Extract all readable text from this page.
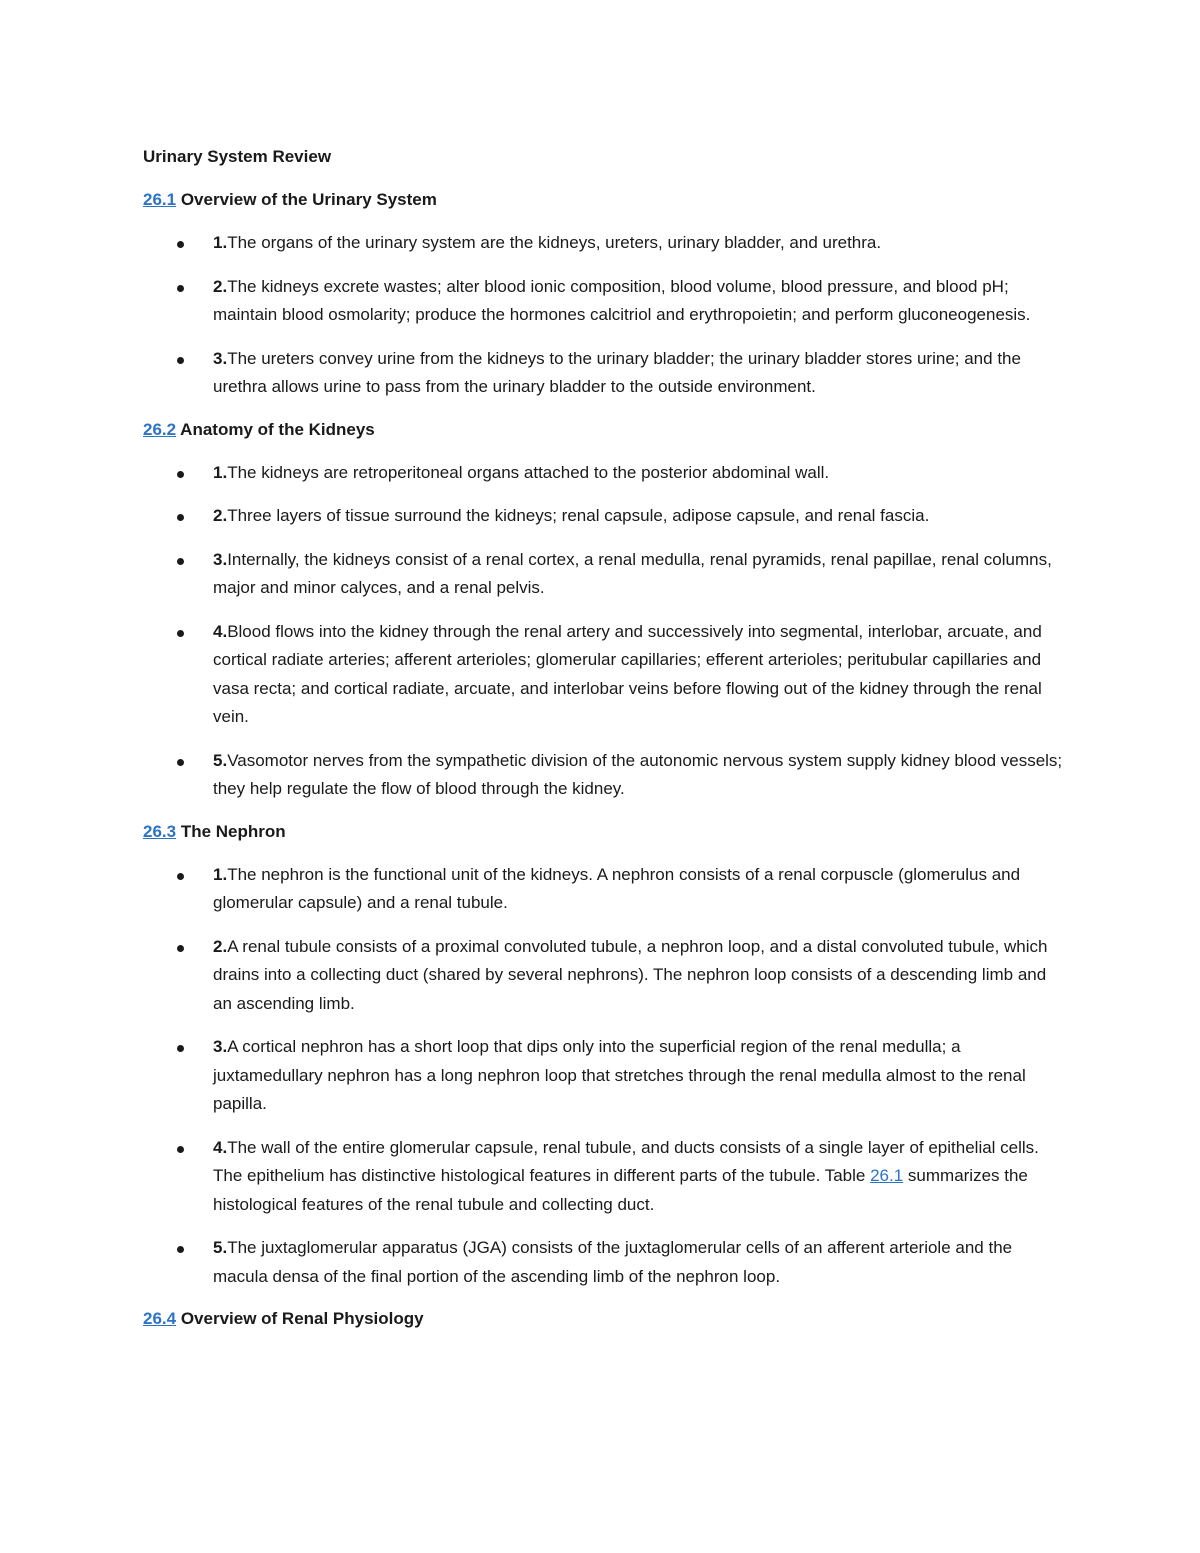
Urinary System Review
26.1 Overview of the Urinary System
1.The organs of the urinary system are the kidneys, ureters, urinary bladder, and urethra.
2.The kidneys excrete wastes; alter blood ionic composition, blood volume, blood pressure, and blood pH; maintain blood osmolarity; produce the hormones calcitriol and erythropoietin; and perform gluconeogenesis.
3.The ureters convey urine from the kidneys to the urinary bladder; the urinary bladder stores urine; and the urethra allows urine to pass from the urinary bladder to the outside environment.
26.2 Anatomy of the Kidneys
1.The kidneys are retroperitoneal organs attached to the posterior abdominal wall.
2.Three layers of tissue surround the kidneys; renal capsule, adipose capsule, and renal fascia.
3.Internally, the kidneys consist of a renal cortex, a renal medulla, renal pyramids, renal papillae, renal columns, major and minor calyces, and a renal pelvis.
4.Blood flows into the kidney through the renal artery and successively into segmental, interlobar, arcuate, and cortical radiate arteries; afferent arterioles; glomerular capillaries; efferent arterioles; peritubular capillaries and vasa recta; and cortical radiate, arcuate, and interlobar veins before flowing out of the kidney through the renal vein.
5.Vasomotor nerves from the sympathetic division of the autonomic nervous system supply kidney blood vessels; they help regulate the flow of blood through the kidney.
26.3 The Nephron
1.The nephron is the functional unit of the kidneys. A nephron consists of a renal corpuscle (glomerulus and glomerular capsule) and a renal tubule.
2.A renal tubule consists of a proximal convoluted tubule, a nephron loop, and a distal convoluted tubule, which drains into a collecting duct (shared by several nephrons). The nephron loop consists of a descending limb and an ascending limb.
3.A cortical nephron has a short loop that dips only into the superficial region of the renal medulla; a juxtamedullary nephron has a long nephron loop that stretches through the renal medulla almost to the renal papilla.
4.The wall of the entire glomerular capsule, renal tubule, and ducts consists of a single layer of epithelial cells. The epithelium has distinctive histological features in different parts of the tubule. Table 26.1 summarizes the histological features of the renal tubule and collecting duct.
5.The juxtaglomerular apparatus (JGA) consists of the juxtaglomerular cells of an afferent arteriole and the macula densa of the final portion of the ascending limb of the nephron loop.
26.4 Overview of Renal Physiology
